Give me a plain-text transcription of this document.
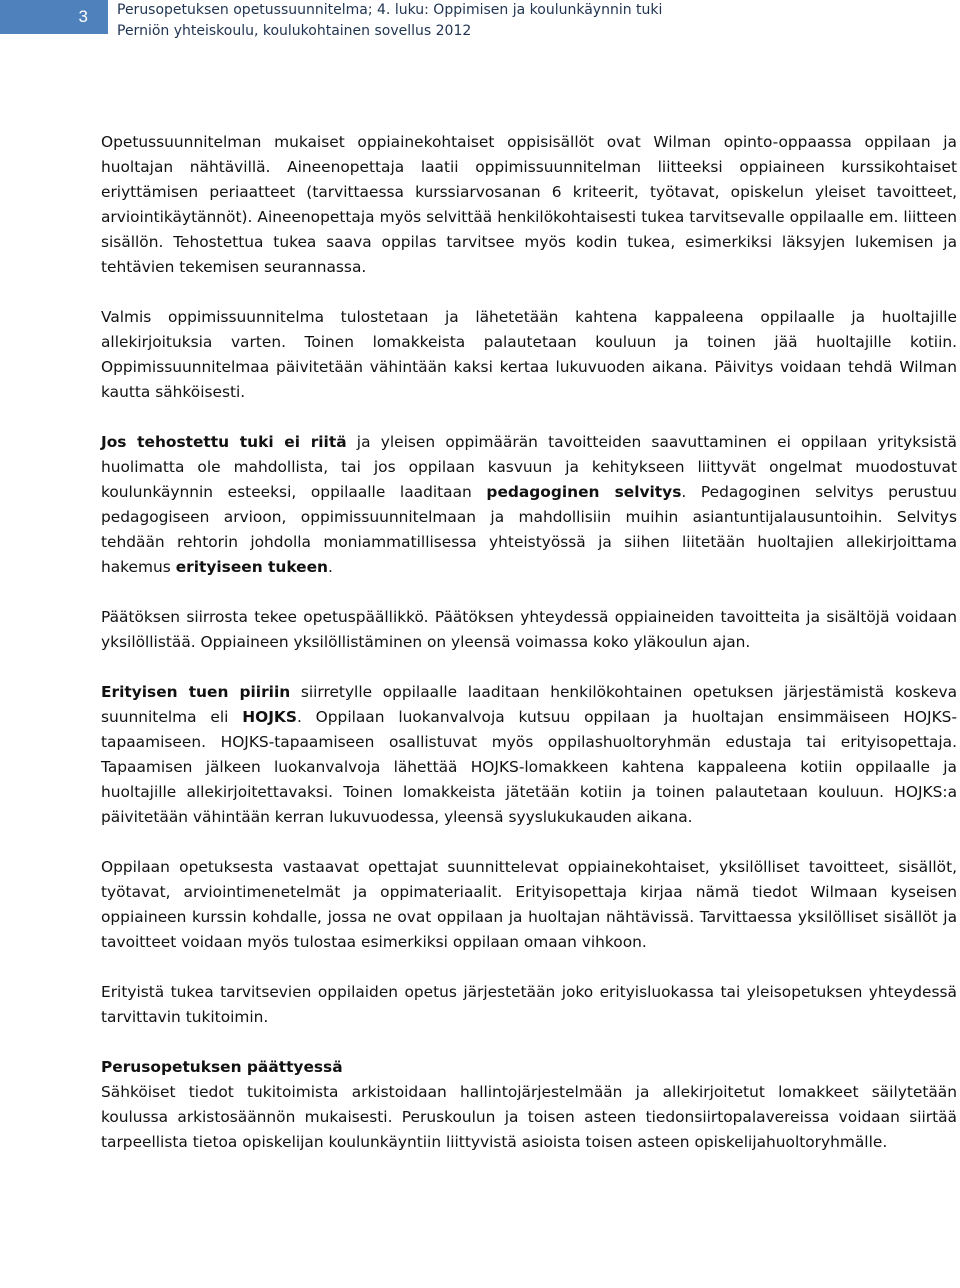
3	Perusopetuksen opetussuunnitelma; 4. luku: Oppimisen ja koulunkäynnin tuki
Perniön yhteiskoulu, koulukohtainen sovellus 2012

Opetussuunnitelman mukaiset oppiainekohtaiset oppisisällöt ovat Wilman opinto-oppaassa oppilaan ja huoltajan nähtävillä. Aineenopettaja laatii oppimissuunnitelman liitteeksi oppiaineen kurssikohtaiset eriyttämisen periaatteet (tarvittaessa kurssiarvosanan 6 kriteerit, työtavat, opiskelun yleiset tavoitteet, arviointikäytännöt). Aineenopettaja myös selvittää henkilökohtaisesti tukea tarvitsevalle oppilaalle em. liitteen sisällön. Tehostettua tukea saava oppilas tarvitsee myös kodin tukea, esimerkiksi läksyjen lukemisen ja tehtävien tekemisen seurannassa.

Valmis oppimissuunnitelma tulostetaan ja lähetetään kahtena kappaleena oppilaalle ja huoltajille allekirjoituksia varten. Toinen lomakkeista palautetaan kouluun ja toinen jää huoltajille kotiin. Oppimissuunnitelmaa päivitetään vähintään kaksi kertaa lukuvuoden aikana. Päivitys voidaan tehdä Wilman kautta sähköisesti.

Jos tehostettu tuki ei riitä ja yleisen oppimäärän tavoitteiden saavuttaminen ei oppilaan yrityksistä huolimatta ole mahdollista, tai jos oppilaan kasvuun ja kehitykseen liittyvät ongelmat muodostuvat koulunkäynnin esteeksi, oppilaalle laaditaan pedagoginen selvitys. Pedagoginen selvitys perustuu pedagogiseen arvioon, oppimissuunnitelmaan ja mahdollisiin muihin asiantuntijalausuntoihin. Selvitys tehdään rehtorin johdolla moniammatillisessa yhteistyössä ja siihen liitetään huoltajien allekirjoittama hakemus erityiseen tukeen.

Päätöksen siirrosta tekee opetuspäällikkö. Päätöksen yhteydessä oppiaineiden tavoitteita ja sisältöjä voidaan yksilöllistää. Oppiaineen yksilöllistäminen on yleensä voimassa koko yläkoulun ajan.

Erityisen tuen piiriin siirretylle oppilaalle laaditaan henkilökohtainen opetuksen järjestämistä koskeva suunnitelma eli HOJKS. Oppilaan luokanvalvoja kutsuu oppilaan ja huoltajan ensimmäiseen HOJKS-tapaamiseen. HOJKS-tapaamiseen osallistuvat myös oppilashuoltoryhmän edustaja tai erityisopettaja. Tapaamisen jälkeen luokanvalvoja lähettää HOJKS-lomakkeen kahtena kappaleena kotiin oppilaalle ja huoltajille allekirjoitettavaksi. Toinen lomakkeista jätetään kotiin ja toinen palautetaan kouluun. HOJKS:a päivitetään vähintään kerran lukuvuodessa, yleensä syyslukukauden aikana.

Oppilaan opetuksesta vastaavat opettajat suunnittelevat oppiainekohtaiset, yksilölliset tavoitteet, sisällöt, työtavat, arviointimenetelmät ja oppimateriaalit. Erityisopettaja kirjaa nämä tiedot Wilmaan kyseisen oppiaineen kurssin kohdalle, jossa ne ovat oppilaan ja huoltajan nähtävissä. Tarvittaessa yksilölliset sisällöt ja tavoitteet voidaan myös tulostaa esimerkiksi oppilaan omaan vihkoon.

Erityistä tukea tarvitsevien oppilaiden opetus järjestetään joko erityisluokassa tai yleisopetuksen yhteydessä tarvittavin tukitoimin.

Perusopetuksen päättyessä

Sähköiset tiedot tukitoimista arkistoidaan hallintojärjestelmään ja allekirjoitetut lomakkeet säilytetään koulussa arkistosäännön mukaisesti. Peruskoulun ja toisen asteen tiedonsiirtopalavereissa voidaan siirtää tarpeellista tietoa opiskelijan koulunkäyntiin liittyvistä asioista toisen asteen opiskelijahuoltoryhmälle.
